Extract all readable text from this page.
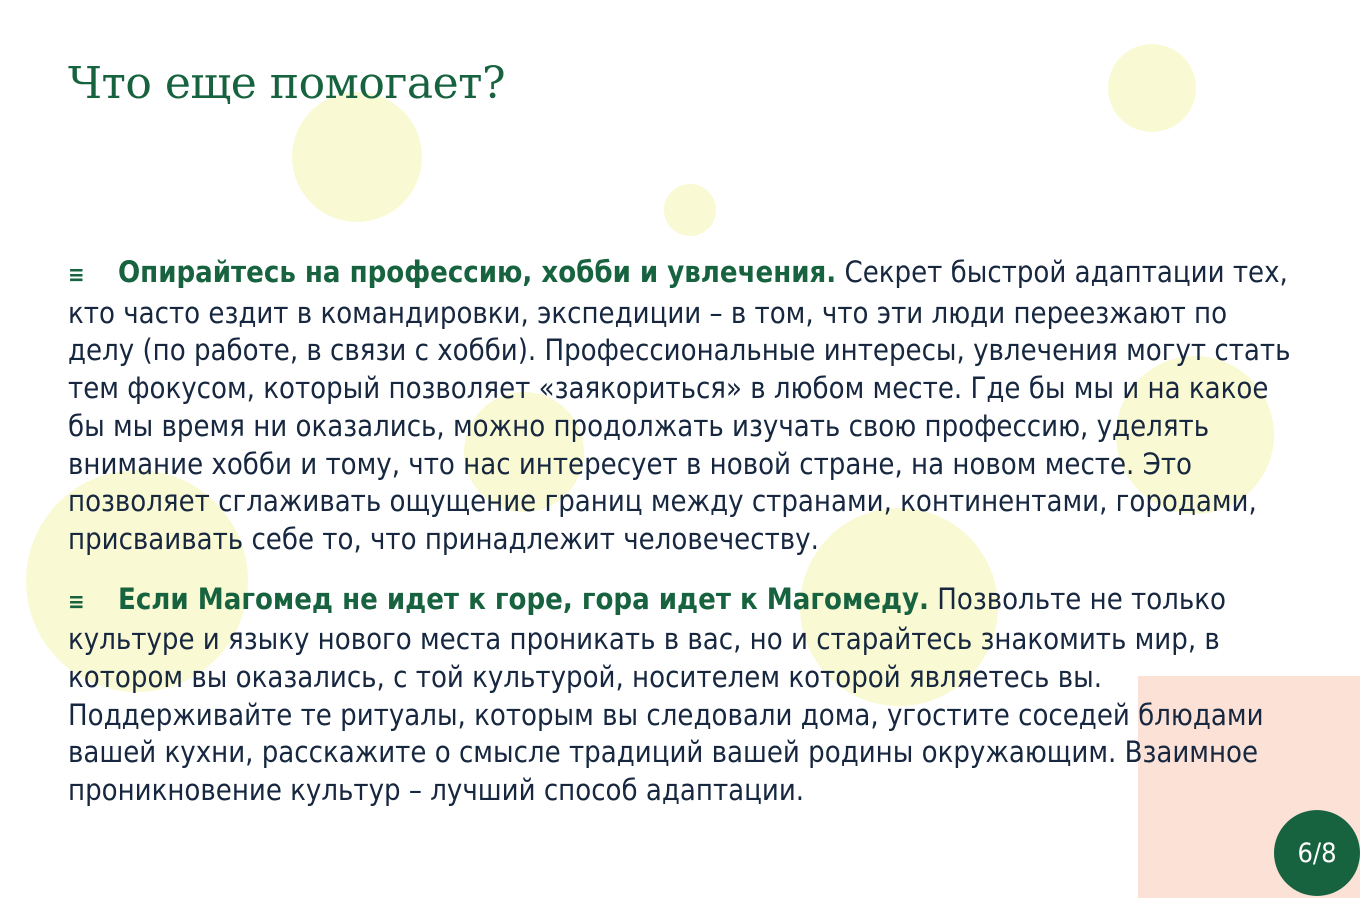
Что еще помогает?

≡ Опирайтесь на профессию, хобби и увлечения. Секрет быстрой адаптации тех, кто часто ездит в командировки, экспедиции – в том, что эти люди переезжают по делу (по работе, в связи с хобби). Профессиональные интересы, увлечения могут стать тем фокусом, который позволяет «заякориться» в любом месте. Где бы мы и на какое бы мы время ни оказались, можно продолжать изучать свою профессию, уделять внимание хобби и тому, что нас интересует в новой стране, на новом месте. Это позволяет сглаживать ощущение границ между странами, континентами, городами, присваивать себе то, что принадлежит человечеству.

≡ Если Магомед не идет к горе, гора идет к Магомеду. Позвольте не только культуре и языку нового места проникать в вас, но и старайтесь знакомить мир, в котором вы оказались, с той культурой, носителем которой являетесь вы. Поддерживайте те ритуалы, которым вы следовали дома, угостите соседей блюдами вашей кухни, расскажите о смысле традиций вашей родины окружающим. Взаимное проникновение культур – лучший способ адаптации.

6/8
